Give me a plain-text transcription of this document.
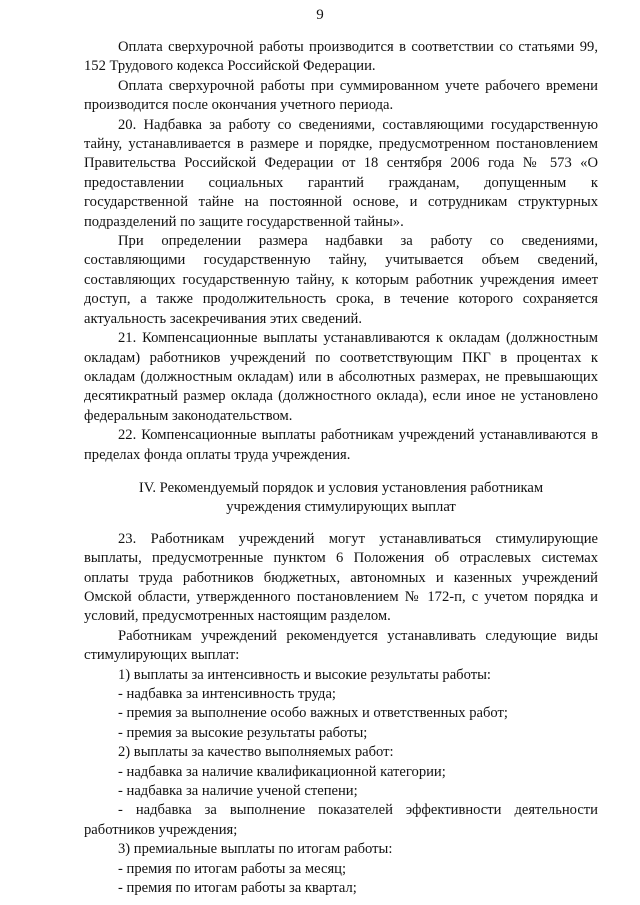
9

Оплата сверхурочной работы производится в соответствии со статьями 99, 152 Трудового кодекса Российской Федерации.

Оплата сверхурочной работы при суммированном учете рабочего времени производится после окончания учетного периода.

20. Надбавка за работу со сведениями, составляющими государственную тайну, устанавливается в размере и порядке, предусмотренном постановлением Правительства Российской Федерации от 18 сентября 2006 года № 573 «О предоставлении социальных гарантий гражданам, допущенным к государственной тайне на постоянной основе, и сотрудникам структурных подразделений по защите государственной тайны».

При определении размера надбавки за работу со сведениями, составляющими государственную тайну, учитывается объем сведений, составляющих государственную тайну, к которым работник учреждения имеет доступ, а также продолжительность срока, в течение которого сохраняется актуальность засекречивания этих сведений.

21. Компенсационные выплаты устанавливаются к окладам (должностным окладам) работников учреждений по соответствующим ПКГ в процентах к окладам (должностным окладам) или в абсолютных размерах, не превышающих десятикратный размер оклада (должностного оклада), если иное не установлено федеральным законодательством.

22. Компенсационные выплаты работникам учреждений устанавливаются в пределах фонда оплаты труда учреждения.

IV. Рекомендуемый порядок и условия установления работникам учреждения стимулирующих выплат

23. Работникам учреждений могут устанавливаться стимулирующие выплаты, предусмотренные пунктом 6 Положения об отраслевых системах оплаты труда работников бюджетных, автономных и казенных учреждений Омской области, утвержденного постановлением № 172-п, с учетом порядка и условий, предусмотренных настоящим разделом.

Работникам учреждений рекомендуется устанавливать следующие виды стимулирующих выплат:

1) выплаты за интенсивность и высокие результаты работы:

- надбавка за интенсивность труда;

- премия за выполнение особо важных и ответственных работ;

- премия за высокие результаты работы;

2) выплаты за качество выполняемых работ:

- надбавка за наличие квалификационной категории;

- надбавка за наличие ученой степени;

- надбавка за выполнение показателей эффективности деятельности работников учреждения;

3) премиальные выплаты по итогам работы:

- премия по итогам работы за месяц;

- премия по итогам работы за квартал;
